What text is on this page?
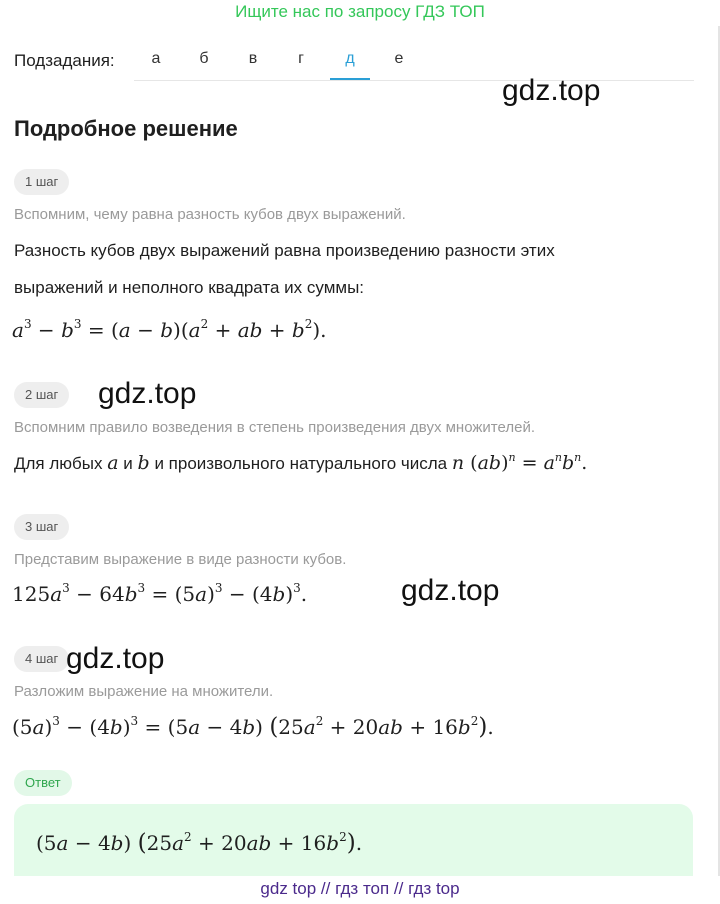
Ищите нас по запросу ГДЗ ТОП
Подзадания:	а	б	в	г	д	е
gdz.top
Подробное решение
1 шаг
Вспомним, чему равна разность кубов двух выражений.
Разность кубов двух выражений равна произведению разности этих
выражений и неполного квадрата их суммы:
$a^3 - b^3 = (a - b)(a^2$ + ab + $b^2$).
2 шаг	gdz.top
Вспомним правило возведения в степень произведения двух множителей.
Для любых a и b и произвольного натурального числа n $(ab)^n = a^nb^n$.
3 шаг
Представим выражение в виде разности кубов.
$125a^3 - 64b^3 = (5a)^3 - (4b)^3$.	gdz.top
4 шаг gdz.top
Разложим выражение на множители.
$(5a)^3 - (4b)^3 = (5a - 4b) (25a^2 + 20ab + 16b^2)$.
Ответ
(5a − 4b) $(25a^2 + 20ab + 16b^2)$.
gdz top // гдз топ // гдз top
